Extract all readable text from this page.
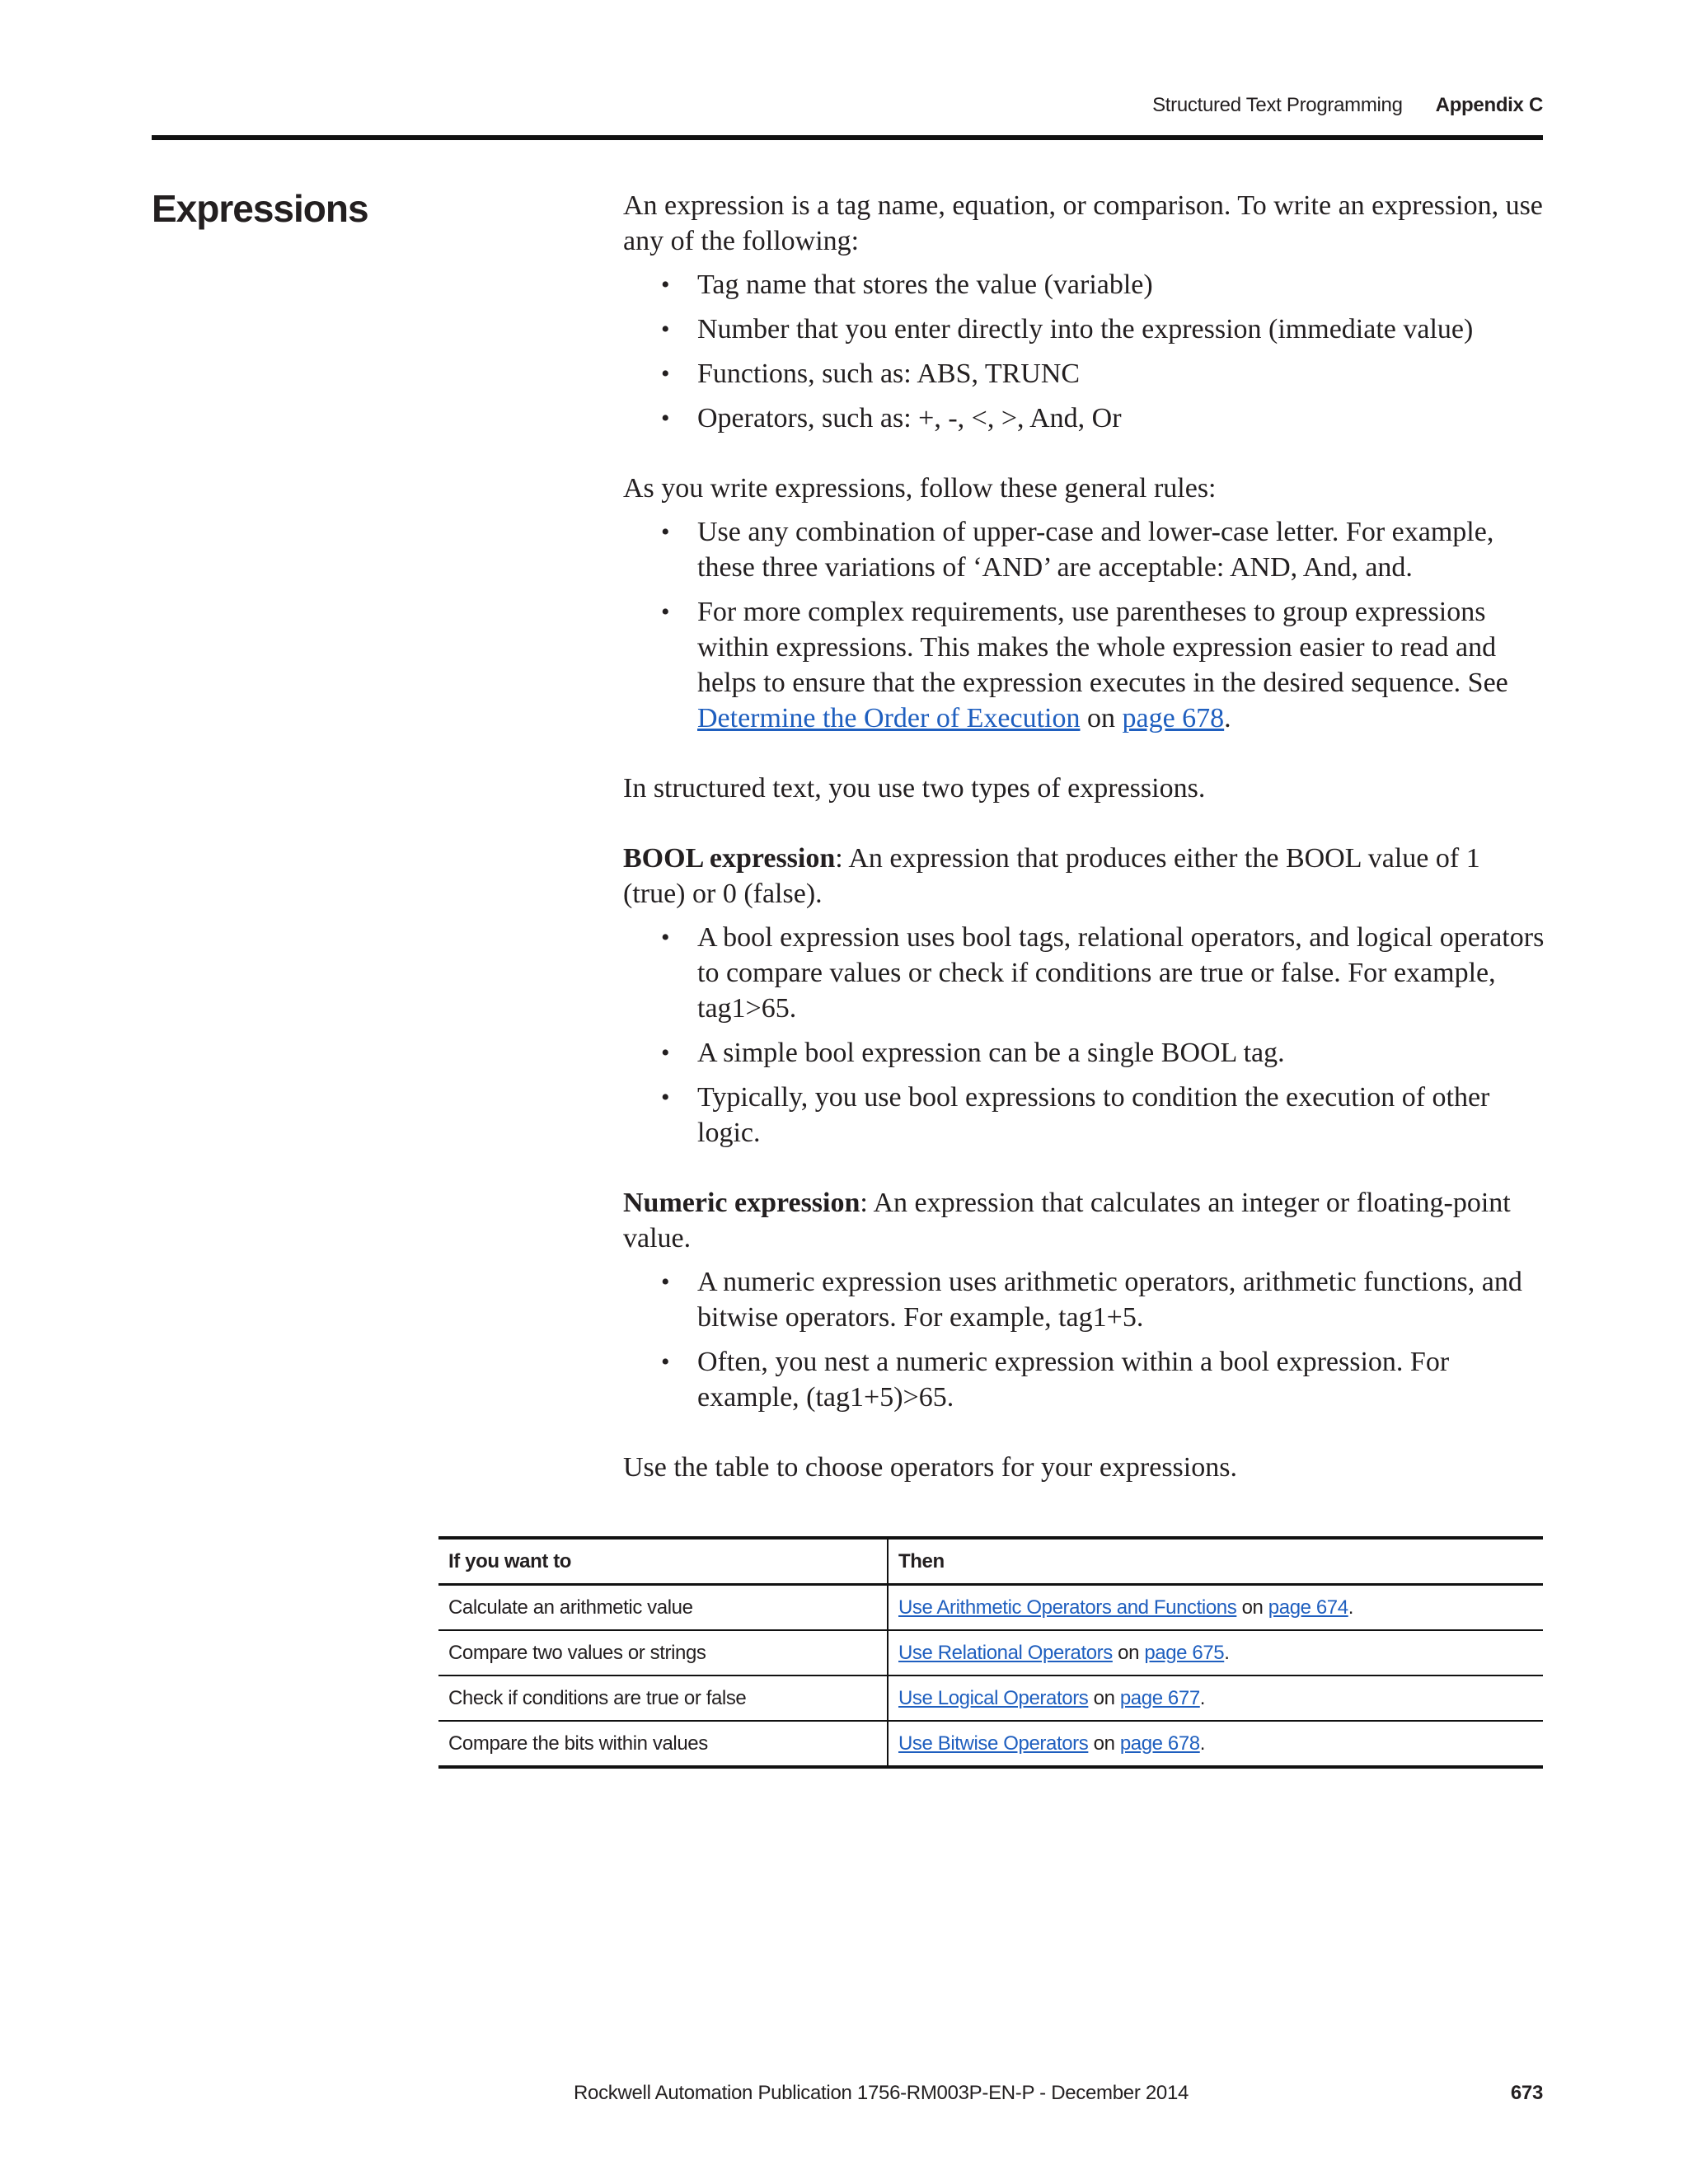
Structured Text Programming Appendix C
Expressions	An expression is a tag name, equation, or comparison. To write an expression, use any of the following:

• Tag name that stores the value (variable)
• Number that you enter directly into the expression (immediate value)
• Functions, such as: ABS, TRUNC
• Operators, such as: +, -, <, >, And, Or

As you write expressions, follow these general rules:

• Use any combination of upper-case and lower-case letter. For example, these three variations of ‘AND’ are acceptable: AND, And, and.
• For more complex requirements, use parentheses to group expressions within expressions. This makes the whole expression easier to read and helps to ensure that the expression executes in the desired sequence. See
Determine the Order of Execution on page 678.

In structured text, you use two types of expressions.

BOOL expression: An expression that produces either the BOOL value of 1 (true) or 0 (false).

• A bool expression uses bool tags, relational operators, and logical operators to compare values or check if conditions are true or false. For example, tag1>65.
• A simple bool expression can be a single BOOL tag.
• Typically, you use bool expressions to condition the execution of other logic.

Numeric expression: An expression that calculates an integer or floating-point value.

• A numeric expression uses arithmetic operators, arithmetic functions, and bitwise operators. For example, tag1+5.
• Often, you nest a numeric expression within a bool expression. For example, (tag1+5)>65.

Use the table to choose operators for your expressions.

If you want to	Then
Calculate an arithmetic value	Use Arithmetic Operators and Functions on page 674.
Compare two values or strings	Use Relational Operators on page 675.
Check if conditions are true or false	Use Logical Operators on page 677.
Compare the bits within values	Use Bitwise Operators on page 678.
Rockwell Automation Publication 1756-RM003P-EN-P - December 2014	673
